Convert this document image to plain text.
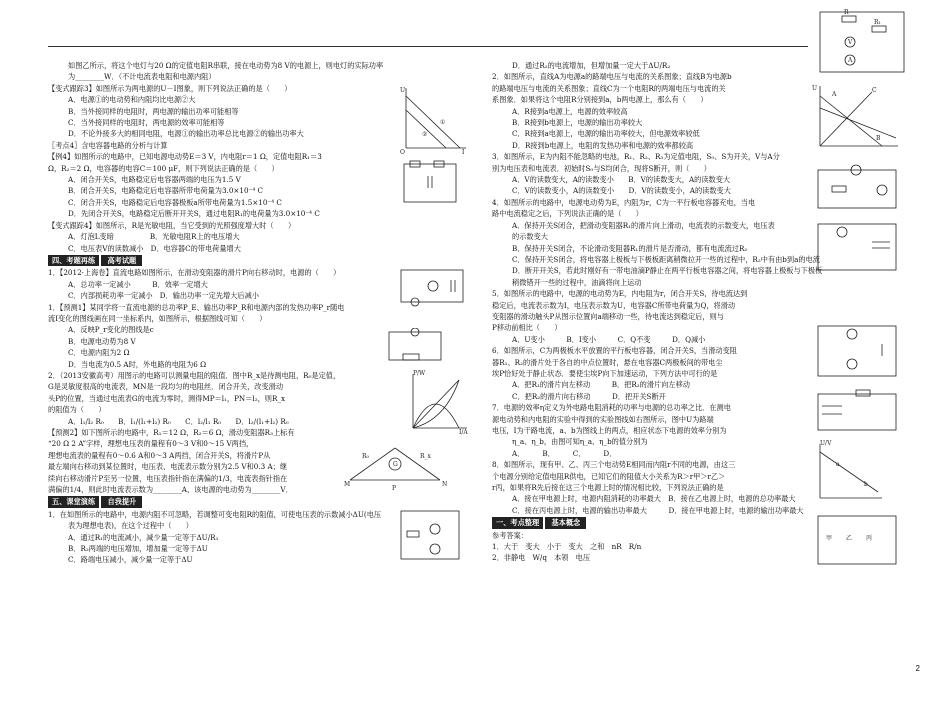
如图乙所示，将这个电灯与20 Ω的定值电阻R串联，接在电动势为8 V的电源上，则电灯的实际功率
为________W．（不计电流表电阻和电源内阻）
【变式跟踪3】如图所示为两电源的U－I图象，则下列说法正确的是（　　）
A．电源①的电动势和内阻均比电源②大
B．当外接同样的电阻时，两电源的输出功率可能相等
C．当外接同样的电阻时，两电源的效率可能相等
D．不论外接多大的相同电阻，电源①的输出功率总比电源②的输出功率大
〖考点4〗含电容器电路的分析与计算
【例4】如图所示的电路中，已知电源电动势E＝3 V，内电阻r＝1 Ω，定值电阻R₁＝3
Ω，R₂＝2 Ω，电容器的电容C＝100 μF，则下列说法正确的是（　　）
A．闭合开关S，电路稳定后电容器两端的电压为1.5 V
B．闭合开关S，电路稳定后电容器所带电荷量为3.0×10⁻⁴ C
C．闭合开关S，电路稳定后电容器极板a所带电荷量为1.5×10⁻⁴ C
D．先闭合开关S，电路稳定后断开开关S，通过电阻R₁的电荷量为3.0×10⁻⁴ C
【变式跟踪4】如图所示，R是光敏电阻，当它受到的光照强度增大时（　　）
A．灯泡L变暗　　　　　B．光敏电阻R上的电压增大
C．电压表V的读数减小　D．电容器C的带电荷量增大
四、考题再练 高考试题
1．【2012·上海卷】直流电路如图所示，在滑动变阻器的滑片P向右移动时，电源的（　　）
A．总功率一定减小　　　B．效率一定增大
C．内部损耗功率一定减小　D．输出功率一定先增大后减小
1．【预测1】某同学将一直流电源的总功率P_E、输出功率P_R和电源内部的发热功率P_r随电
流I变化的图线画在同一坐标系内，如图所示，根据图线可知（　　）
A．反映P_r变化的图线是c
B．电源电动势为8 V
C．电源内阻为2 Ω
D．当电流为0.5 A时，外电路的电阻为6 Ω
2．（2013安徽高考）用图示的电路可以测量电阻的阻值．图中R_x是待测电阻，R₀是定值，
G是灵敏度很高的电流表，MN是一段均匀的电阻丝．闭合开关，改变滑动
头P的位置，当通过电流表G的电流为零时，测得MP＝l₁，PN＝l₂，则R_x
的阻值为（　　）
A．l₁/l₂ R₀　　B．l₁/(l₁+l₂) R₀　　C．l₂/l₁ R₀　　D．l₂/(l₁+l₂) R₀
【预测2】如下图所示的电路中，R₁＝12 Ω，R₂＝6 Ω，滑动变阻器R₃上标有
“20 Ω 2 A”字样，理想电压表的量程有0～3 V和0～15 V两挡，
理想电流表的量程有0～0.6 A和0～3 A两挡，闭合开关S，将滑片P从
最左端向右移动到某位置时，电压表、电流表示数分别为2.5 V和0.3 A；继
续向右移动滑片P至另一位置，电压表指针指在满偏的1/3，电流表指针指在
满偏的1/4，则此时电流表示数为________A，该电源的电动势为________V．
五、课堂演练 自我提升
1．在如图所示的电路中，电源内阻不可忽略，若调整可变电阻R的阻值，可使电压表的示数减小ΔU(电压
表为理想电表)，在这个过程中（　　）
A．通过R₁的电流减小，减少量一定等于ΔU/R₁
B．R₂两端的电压增加，增加量一定等于ΔU
C．路端电压减小，减少量一定等于ΔU
D．通过R₂的电流增加，但增加量一定大于ΔU/R₂
2．如图所示，直线A为电源a的路端电压与电流的关系图象；直线B为电源b
的路端电压与电流的关系图象；直线C为一个电阻R的两端电压与电流的关
系图象．如果将这个电阻R分别接到a，b两电源上，那么有（　　）
A．R接到a电源上，电源的效率较高
B．R接到b电源上，电源的输出功率较大
C．R接到a电源上，电源的输出功率较大，但电源效率较低
D．R接到b电源上，电阻的发热功率和电源的效率都较高
3．如图所示，E为内阻不能忽略的电池，R₁、R₂、R₃为定值电阻，S₀、S为开关，V与A分
别为电压表和电流表．初始时S₀与S均闭合，现将S断开，则（　　）
A．V的读数变大，A的读数变小　　B．V的读数变大，A的读数变大
C．V的读数变小，A的读数变小　　D．V的读数变小，A的读数变大
4．如图所示的电路中，电源电动势为E，内阻为r，C为一平行板电容器充电，当电
路中电流稳定之后，下列说法正确的是（　　）
A．保持开关S闭合，把滑动变阻器R₁的滑片向上滑动，电流表的示数变大，电压表
的示数变大
B．保持开关S闭合，不论滑动变阻器R₁的滑片是否滑动，都有电流流过R₂
C．保持开关S闭合，将电容器上极板与下极板距离稍微拉开一些的过程中，R₂中有由b到a的电流
D．断开开关S，若此时刚好有一带电油滴P静止在两平行板电容器之间，将电容器上极板与下极板
稍微错开一些的过程中，油滴将向上运动
5．如图所示的电路中，电源的电动势为E，内电阻为r，闭合开关S，待电流达到
稳定后，电流表示数为I，电压表示数为U，电容器C所带电荷量为Q，将滑动
变阻器的滑动触头P从图示位置向a端移动一些，待电流达到稳定后，则与
P移动前相比（　　）
A．U变小　　　B．I变小　　　C．Q不变　　　D．Q减小
6．如图所示，C为两极板水平放置的平行板电容器，闭合开关S，当滑动变阻
器R₁、R₂的滑片处于各自的中点位置时，悬在电容器C两极板间的带电尘
埃P恰好处于静止状态．要使尘埃P向下加速运动，下列方法中可行的是
A．把R₁的滑片向左移动　　　B．把R₂的滑片向左移动
C．把R₂的滑片向右移动　　　D．把开关S断开
7．电源的效率η定义为外电路电阻消耗的功率与电源的总功率之比．在测电
源电动势和内电阻的实验中得到的实验图线如右图所示，图中U为路端
电压，I为干路电流，a、b为图线上的两点，相应状态下电源的效率分别为
η_a、η_b，由图可知η_a、η_b的值分别为
A．　　　B．　　　C．　　　D．
8．如图所示，现有甲、乙、丙三个电动势E相同而内阻r不同的电源，由这三
个电源分别给定值电阻R供电，已知它们的阻值大小关系为R＞r甲＞r乙＞
r丙，如果将R先后接在这三个电源上时的情况相比较，下列说法正确的是
A．接在甲电源上时，电源内阻消耗的功率最大　B．接在乙电源上时，电源的总功率最大
C．接在丙电源上时，电源的输出功率最大　　　D．接在甲电源上时，电源的输出功率最大
一、考点整理 基本概念
参考答案：
1．大于　变大　小于　变大　之和　nR　R/n
2．非静电　W/q　本领　电压
R
R₁
V
A
U
O	I
①
②
P/W
I/A
G
R₀	R_x
M
P
N
U
A
B
C
U/V
a
b
甲 乙 丙
2
